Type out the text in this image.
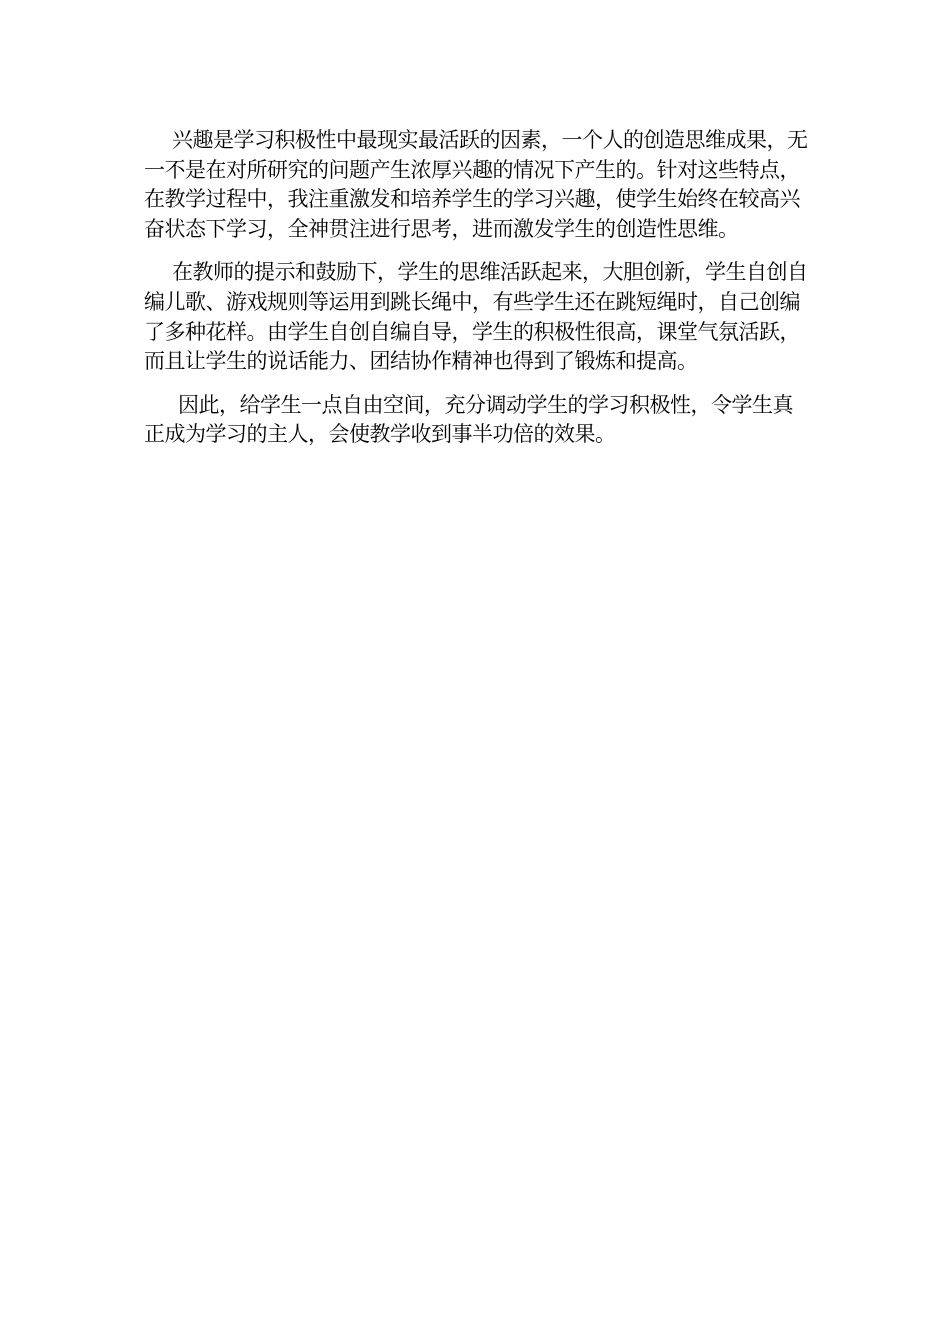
兴趣是学习积极性中最现实最活跃的因素，一个人的创造思维成果，无一不是在对所研究的问题产生浓厚兴趣的情况下产生的。针对这些特点，在教学过程中，我注重激发和培养学生的学习兴趣，使学生始终在较高兴奋状态下学习，全神贯注进行思考，进而激发学生的创造性思维。

在教师的提示和鼓励下，学生的思维活跃起来，大胆创新，学生自创自编儿歌、游戏规则等运用到跳长绳中，有些学生还在跳短绳时，自己创编了多种花样。由学生自创自编自导，学生的积极性很高，课堂气氛活跃，而且让学生的说话能力、团结协作精神也得到了锻炼和提高。

因此，给学生一点自由空间，充分调动学生的学习积极性，令学生真正成为学习的主人，会使教学收到事半功倍的效果。
